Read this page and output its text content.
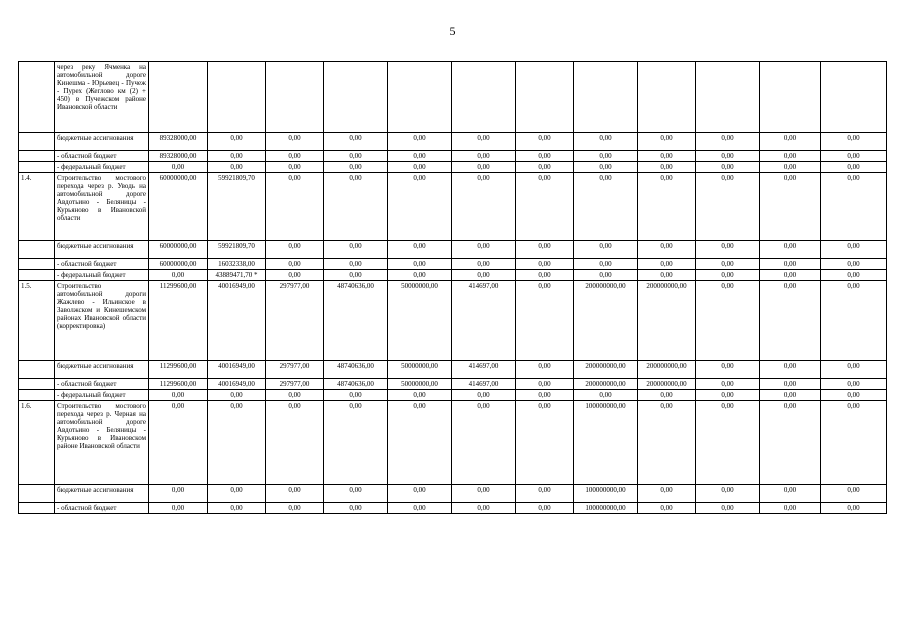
5
	через реку Ячменка на автомобильной дороге Кинешма - Юрьевец - Пучеж - Пурех (Жеглово км (2) + 450) в Пучежском районе Ивановской области												
	бюджетные ассигнования	89328000,00	0,00	0,00	0,00	0,00	0,00	0,00	0,00	0,00	0,00	0,00	0,00
	- областной бюджет	89328000,00	0,00	0,00	0,00	0,00	0,00	0,00	0,00	0,00	0,00	0,00	0,00
	- федеральный бюджет	0,00	0,00	0,00	0,00	0,00	0,00	0,00	0,00	0,00	0,00	0,00	0,00
1.4.	Строительство мостового перехода через р. Уводь на автомобильной дороге Авдотьино - Беляницы - Курьяново в Ивановской области	60000000,00	59921809,70	0,00	0,00	0,00	0,00	0,00	0,00	0,00	0,00	0,00	0,00
	бюджетные ассигнования	60000000,00	59921809,70	0,00	0,00	0,00	0,00	0,00	0,00	0,00	0,00	0,00	0,00
	- областной бюджет	60000000,00	16032338,00	0,00	0,00	0,00	0,00	0,00	0,00	0,00	0,00	0,00	0,00
	- федеральный бюджет	0,00	43889471,70 *	0,00	0,00	0,00	0,00	0,00	0,00	0,00	0,00	0,00	0,00
1.5.	Строительство автомобильной дороги Жажлево - Ильинское в Заволжском и Кинешемском районах Ивановской области (корректировка)	11299600,00	40016949,00	297977,00	48740636,00	50000000,00	414697,00	0,00	200000000,00	200000000,00	0,00	0,00	0,00
	бюджетные ассигнования	11299600,00	40016949,00	297977,00	48740636,00	50000000,00	414697,00	0,00	200000000,00	200000000,00	0,00	0,00	0,00
	- областной бюджет	11299600,00	40016949,00	297977,00	48740636,00	50000000,00	414697,00	0,00	200000000,00	200000000,00	0,00	0,00	0,00
	- федеральный бюджет	0,00	0,00	0,00	0,00	0,00	0,00	0,00	0,00	0,00	0,00	0,00	0,00
1.6.	Строительство мостового перехода через р. Черная на автомобильной дороге Авдотьино - Беляницы - Курьяново в Ивановском районе Ивановской области	0,00	0,00	0,00	0,00	0,00	0,00	0,00	100000000,00	0,00	0,00	0,00	0,00
	бюджетные ассигнования	0,00	0,00	0,00	0,00	0,00	0,00	0,00	100000000,00	0,00	0,00	0,00	0,00
	- областной бюджет	0,00	0,00	0,00	0,00	0,00	0,00	0,00	100000000,00	0,00	0,00	0,00	0,00
